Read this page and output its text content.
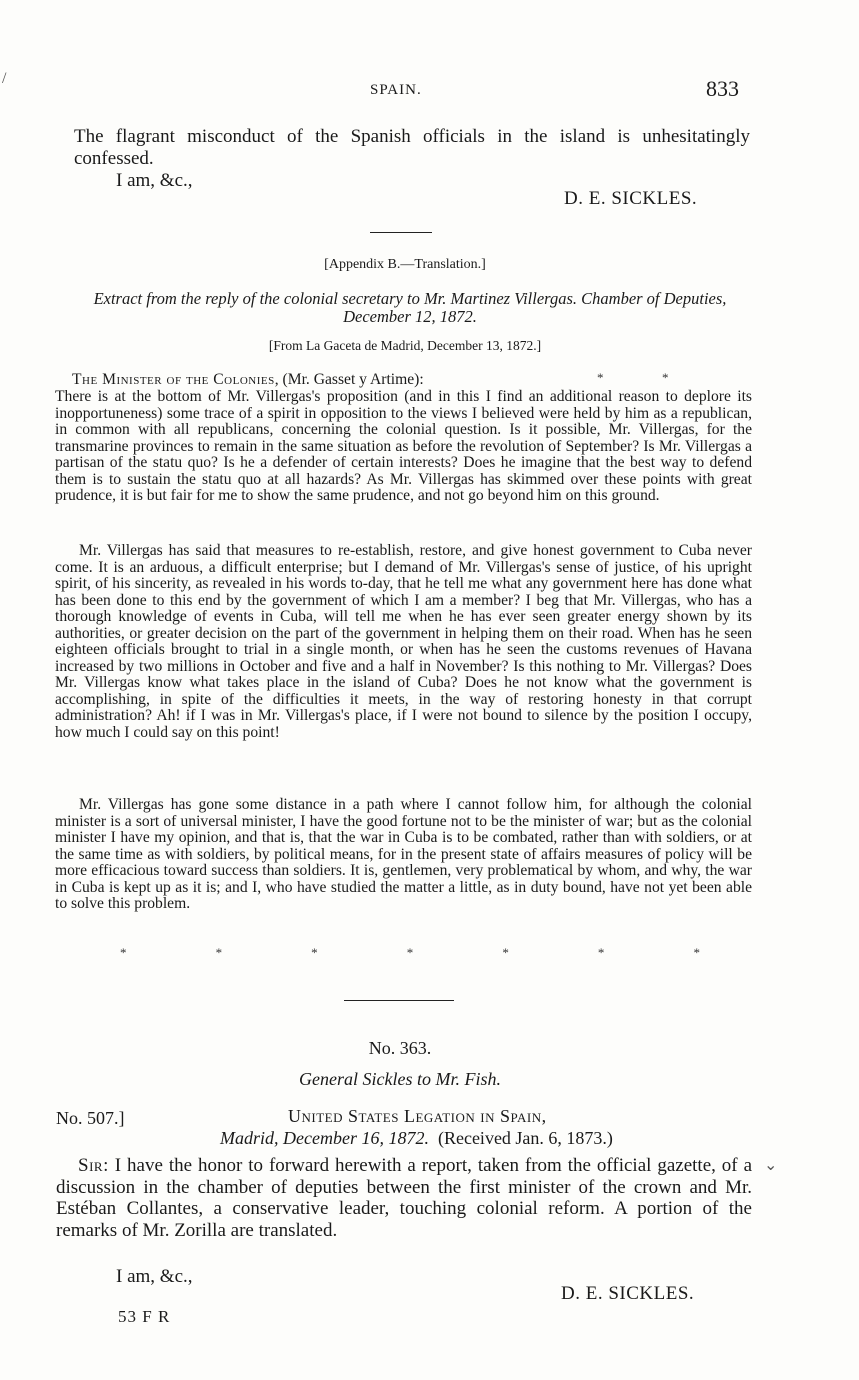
SPAIN.	833

The flagrant misconduct of the Spanish officials in the island is unhesitatingly confessed.

I am, &c.,
D. E. SICKLES.
[Appendix B.—Translation.]

Extract from the reply of the colonial secretary to Mr. Martinez Villergas. Chamber of Deputies, December 12, 1872.

[From La Gaceta de Madrid, December 13, 1872.]
The Minister of the Colonies, (Mr. Gasset y Artime):	*                  *

There is at the bottom of Mr. Villergas's proposition (and in this I find an additional reason to deplore its inopportuneness) some trace of a spirit in opposition to the views I believed were held by him as a republican, in common with all republicans, concerning the colonial question. Is it possible, Mr. Villergas, for the transmarine provinces to remain in the same situation as before the revolution of September? Is Mr. Villergas a partisan of the statu quo? Is he a defender of certain interests? Does he imagine that the best way to defend them is to sustain the statu quo at all hazards? As Mr. Villergas has skimmed over these points with great prudence, it is but fair for me to show the same prudence, and not go beyond him on this ground.

Mr. Villergas has said that measures to re-establish, restore, and give honest government to Cuba never come. It is an arduous, a difficult enterprise; but I demand of Mr. Villergas's sense of justice, of his upright spirit, of his sincerity, as revealed in his words to-day, that he tell me what any government here has done what has been done to this end by the government of which I am a member? I beg that Mr. Villergas, who has a thorough knowledge of events in Cuba, will tell me when he has ever seen greater energy shown by its authorities, or greater decision on the part of the government in helping them on their road. When has he seen eighteen officials brought to trial in a single month, or when has he seen the customs revenues of Havana increased by two millions in October and five and a half in November? Is this nothing to Mr. Villergas? Does Mr. Villergas know what takes place in the island of Cuba? Does he not know what the government is accomplishing, in spite of the difficulties it meets, in the way of restoring honesty in that corrupt administration? Ah! if I was in Mr. Villergas's place, if I were not bound to silence by the position I occupy, how much I could say on this point!

Mr. Villergas has gone some distance in a path where I cannot follow him, for although the colonial minister is a sort of universal minister, I have the good fortune not to be the minister of war; but as the colonial minister I have my opinion, and that is, that the war in Cuba is to be combated, rather than with soldiers, or at the same time as with soldiers, by political means, for in the present state of affairs measures of policy will be more efficacious toward success than soldiers. It is, gentlemen, very problematical by whom, and why, the war in Cuba is kept up as it is; and I, who have studied the matter a little, as in duty bound, have not yet been able to solve this problem.

*	*	*	*	*	*	*
No. 363.
General Sickles to Mr. Fish.
No. 507.]	United States Legation in Spain,
Madrid, December 16, 1872. (Received Jan. 6, 1873.)

Sir: I have the honor to forward herewith a report, taken from the official gazette, of a discussion in the chamber of deputies between the first minister of the crown and Mr. Estéban Collantes, a conservative leader, touching colonial reform. A portion of the remarks of Mr. Zorilla are translated.

I am, &c.,
D. E. SICKLES.
53 F R
/
⌄
